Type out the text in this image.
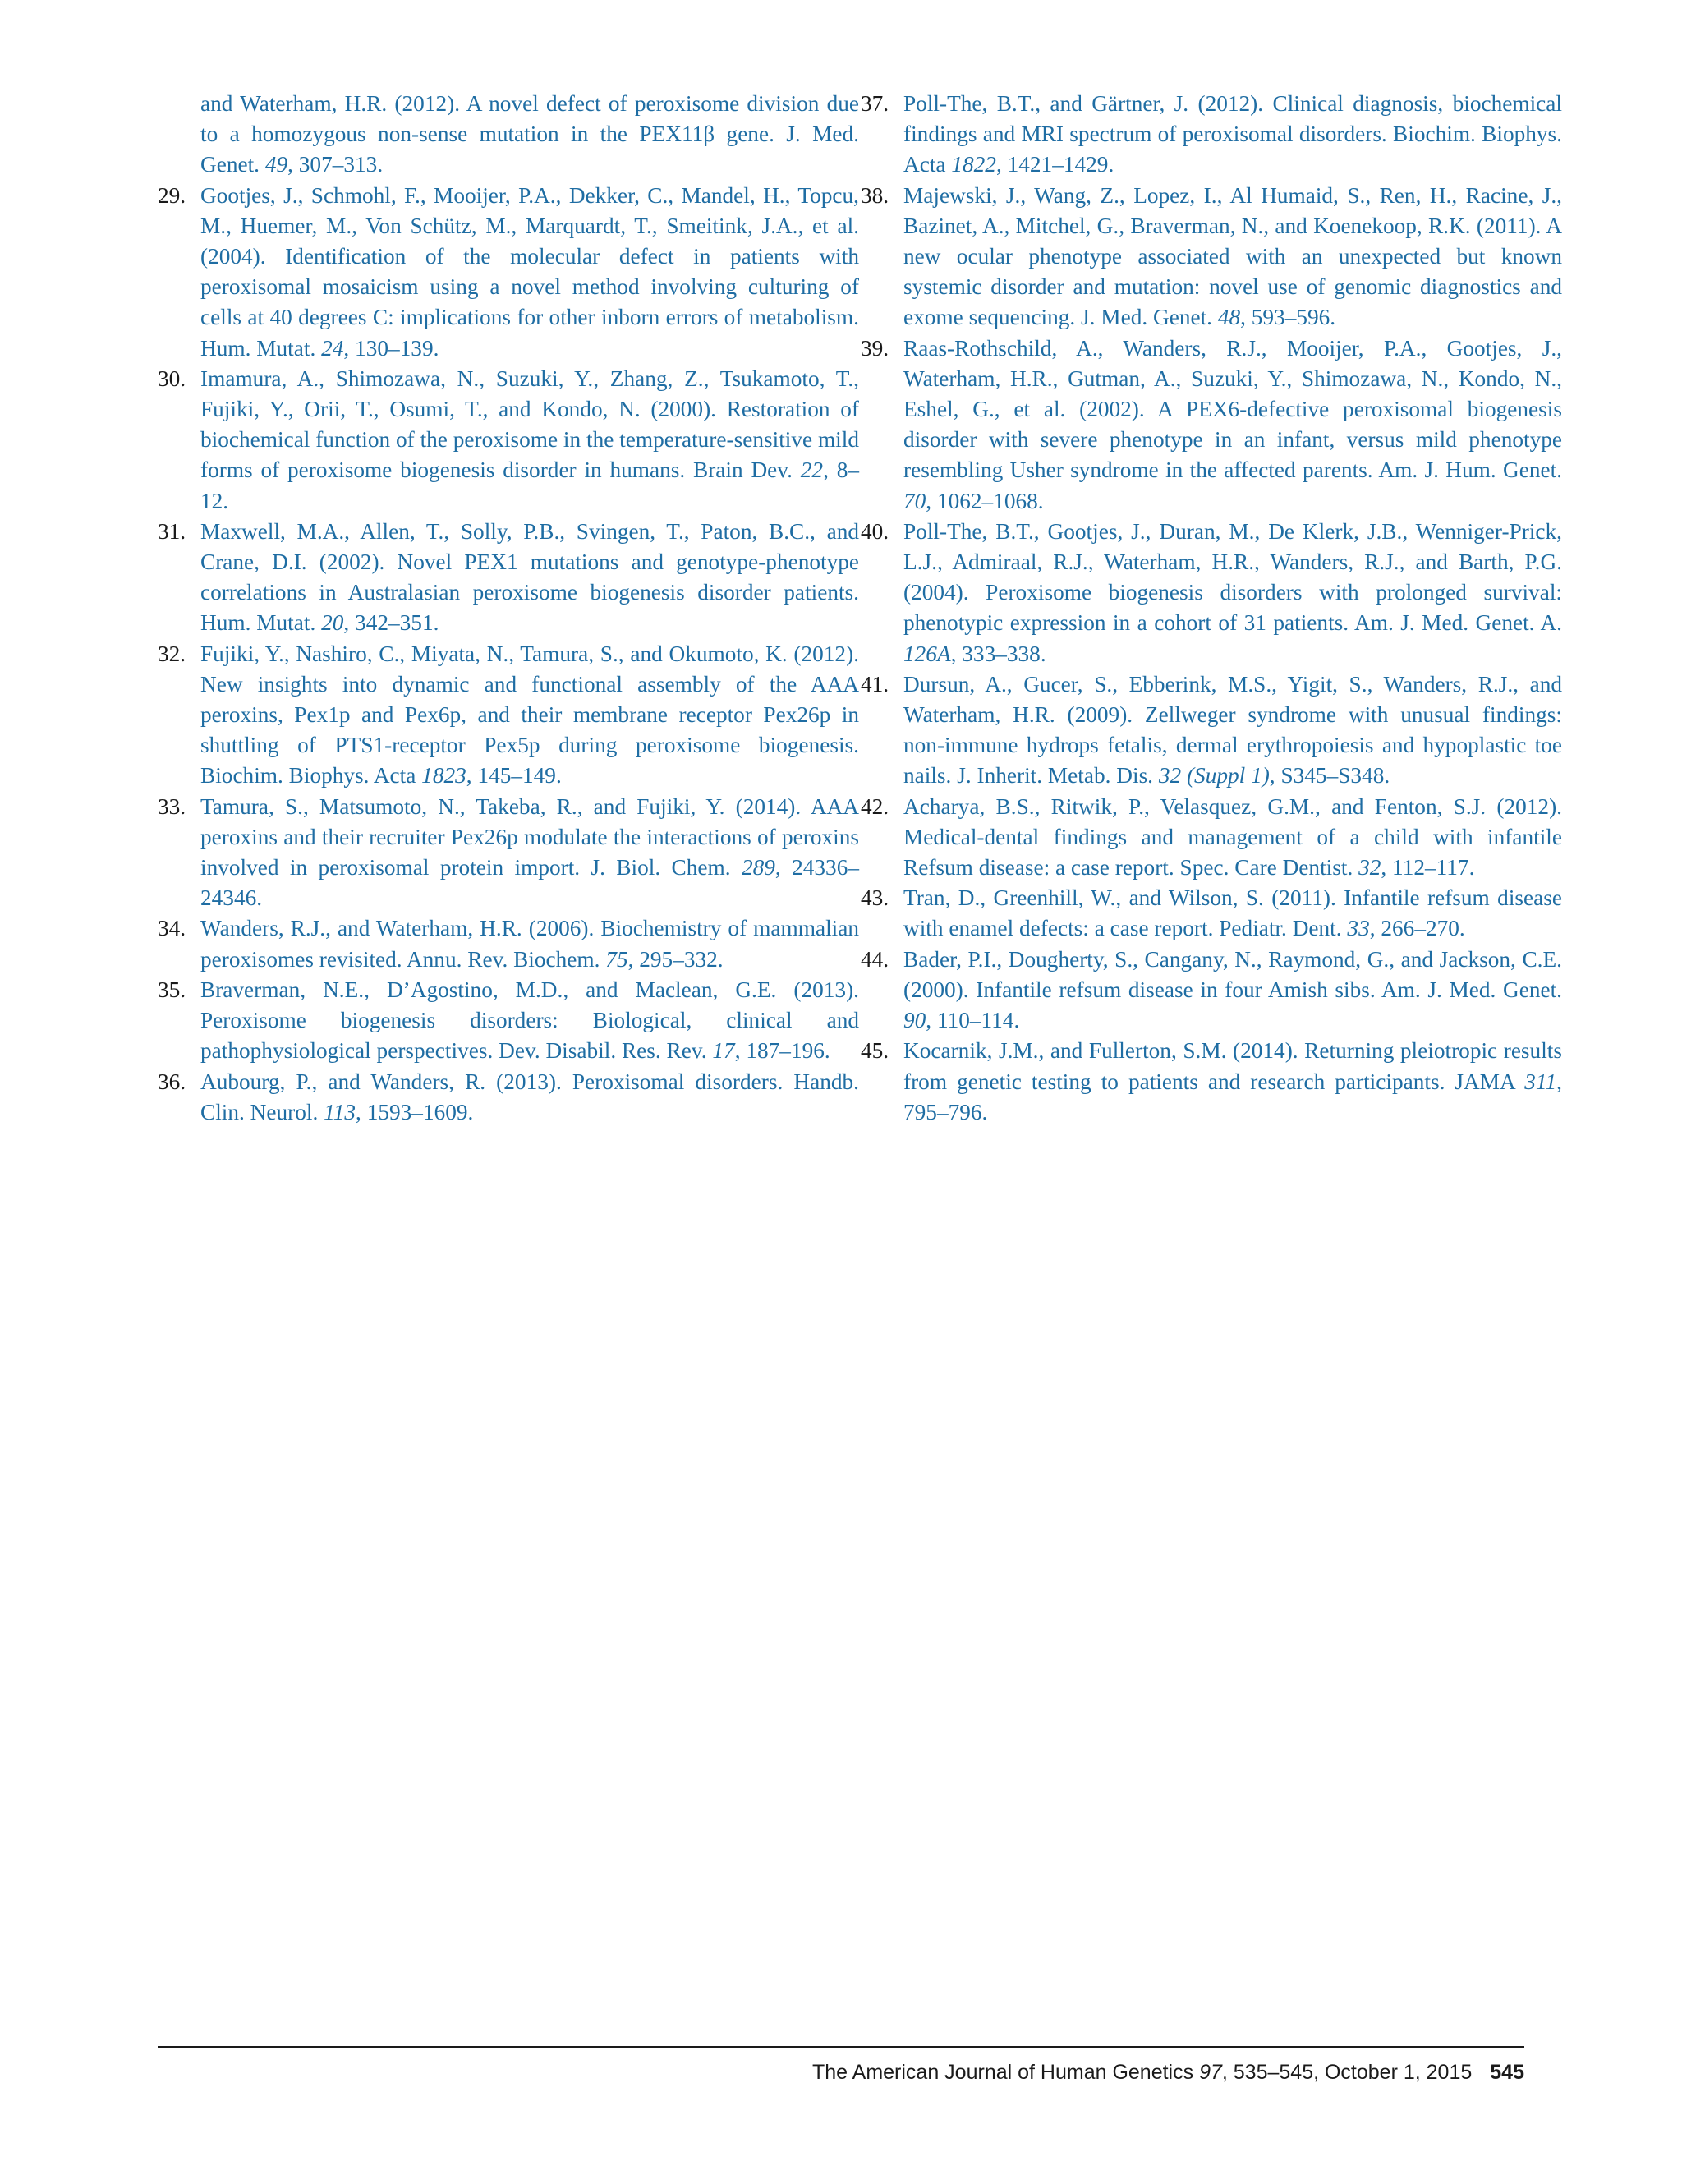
and Waterham, H.R. (2012). A novel defect of peroxisome division due to a homozygous non-sense mutation in the PEX11β gene. J. Med. Genet. 49, 307–313.
29. Gootjes, J., Schmohl, F., Mooijer, P.A., Dekker, C., Mandel, H., Topcu, M., Huemer, M., Von Schütz, M., Marquardt, T., Smeitink, J.A., et al. (2004). Identification of the molecular defect in patients with peroxisomal mosaicism using a novel method involving culturing of cells at 40 degrees C: implications for other inborn errors of metabolism. Hum. Mutat. 24, 130–139.
30. Imamura, A., Shimozawa, N., Suzuki, Y., Zhang, Z., Tsukamoto, T., Fujiki, Y., Orii, T., Osumi, T., and Kondo, N. (2000). Restoration of biochemical function of the peroxisome in the temperature-sensitive mild forms of peroxisome biogenesis disorder in humans. Brain Dev. 22, 8–12.
31. Maxwell, M.A., Allen, T., Solly, P.B., Svingen, T., Paton, B.C., and Crane, D.I. (2002). Novel PEX1 mutations and genotype-phenotype correlations in Australasian peroxisome biogenesis disorder patients. Hum. Mutat. 20, 342–351.
32. Fujiki, Y., Nashiro, C., Miyata, N., Tamura, S., and Okumoto, K. (2012). New insights into dynamic and functional assembly of the AAA peroxins, Pex1p and Pex6p, and their membrane receptor Pex26p in shuttling of PTS1-receptor Pex5p during peroxisome biogenesis. Biochim. Biophys. Acta 1823, 145–149.
33. Tamura, S., Matsumoto, N., Takeba, R., and Fujiki, Y. (2014). AAA peroxins and their recruiter Pex26p modulate the interactions of peroxins involved in peroxisomal protein import. J. Biol. Chem. 289, 24336–24346.
34. Wanders, R.J., and Waterham, H.R. (2006). Biochemistry of mammalian peroxisomes revisited. Annu. Rev. Biochem. 75, 295–332.
35. Braverman, N.E., D’Agostino, M.D., and Maclean, G.E. (2013). Peroxisome biogenesis disorders: Biological, clinical and pathophysiological perspectives. Dev. Disabil. Res. Rev. 17, 187–196.
36. Aubourg, P., and Wanders, R. (2013). Peroxisomal disorders. Handb. Clin. Neurol. 113, 1593–1609.
37. Poll-The, B.T., and Gärtner, J. (2012). Clinical diagnosis, biochemical findings and MRI spectrum of peroxisomal disorders. Biochim. Biophys. Acta 1822, 1421–1429.
38. Majewski, J., Wang, Z., Lopez, I., Al Humaid, S., Ren, H., Racine, J., Bazinet, A., Mitchel, G., Braverman, N., and Koenekoop, R.K. (2011). A new ocular phenotype associated with an unexpected but known systemic disorder and mutation: novel use of genomic diagnostics and exome sequencing. J. Med. Genet. 48, 593–596.
39. Raas-Rothschild, A., Wanders, R.J., Mooijer, P.A., Gootjes, J., Waterham, H.R., Gutman, A., Suzuki, Y., Shimozawa, N., Kondo, N., Eshel, G., et al. (2002). A PEX6-defective peroxisomal biogenesis disorder with severe phenotype in an infant, versus mild phenotype resembling Usher syndrome in the affected parents. Am. J. Hum. Genet. 70, 1062–1068.
40. Poll-The, B.T., Gootjes, J., Duran, M., De Klerk, J.B., Wenniger-Prick, L.J., Admiraal, R.J., Waterham, H.R., Wanders, R.J., and Barth, P.G. (2004). Peroxisome biogenesis disorders with prolonged survival: phenotypic expression in a cohort of 31 patients. Am. J. Med. Genet. A. 126A, 333–338.
41. Dursun, A., Gucer, S., Ebberink, M.S., Yigit, S., Wanders, R.J., and Waterham, H.R. (2009). Zellweger syndrome with unusual findings: non-immune hydrops fetalis, dermal erythropoiesis and hypoplastic toe nails. J. Inherit. Metab. Dis. 32 (Suppl 1), S345–S348.
42. Acharya, B.S., Ritwik, P., Velasquez, G.M., and Fenton, S.J. (2012). Medical-dental findings and management of a child with infantile Refsum disease: a case report. Spec. Care Dentist. 32, 112–117.
43. Tran, D., Greenhill, W., and Wilson, S. (2011). Infantile refsum disease with enamel defects: a case report. Pediatr. Dent. 33, 266–270.
44. Bader, P.I., Dougherty, S., Cangany, N., Raymond, G., and Jackson, C.E. (2000). Infantile refsum disease in four Amish sibs. Am. J. Med. Genet. 90, 110–114.
45. Kocarnik, J.M., and Fullerton, S.M. (2014). Returning pleiotropic results from genetic testing to patients and research participants. JAMA 311, 795–796.
The American Journal of Human Genetics 97, 535–545, October 1, 2015 545
